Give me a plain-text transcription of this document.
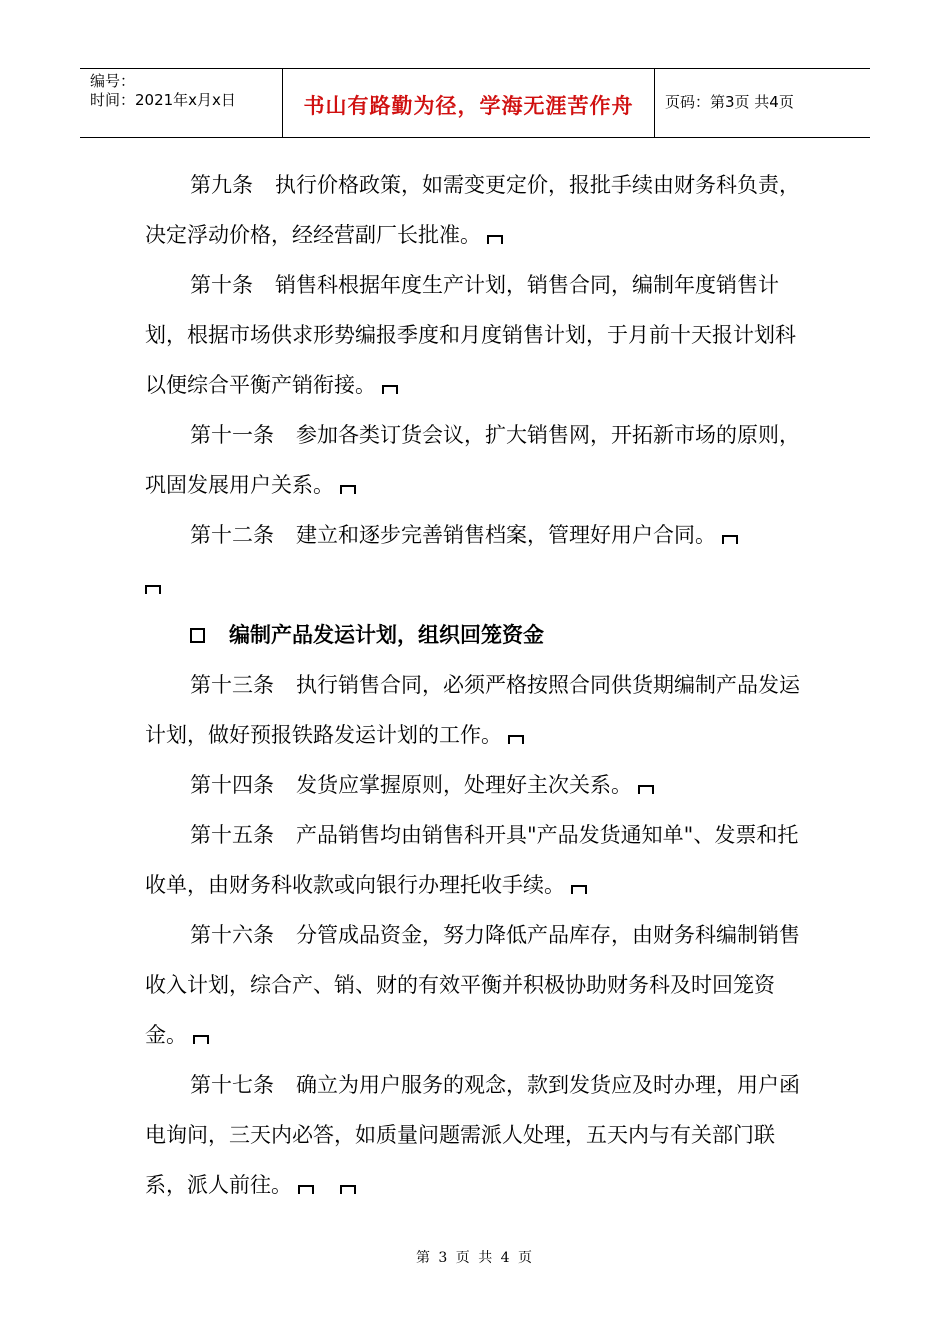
编号：
时间：2021年x月x日	书山有路勤为径，学海无涯苦作舟	页码：第3页 共4页

第九条 执行价格政策，如需变更定价，报批手续由财务科负责，决定浮动价格，经经营副厂长批准。

第十条 销售科根据年度生产计划，销售合同，编制年度销售计划，根据市场供求形势编报季度和月度销售计划，于月前十天报计划科以便综合平衡产销衔接。

第十一条 参加各类订货会议，扩大销售网，开拓新市场的原则，巩固发展用户关系。

第十二条 建立和逐步完善销售档案，管理好用户合同。

编制产品发运计划，组织回笼资金

第十三条 执行销售合同，必须严格按照合同供货期编制产品发运计划，做好预报铁路发运计划的工作。

第十四条 发货应掌握原则，处理好主次关系。

第十五条 产品销售均由销售科开具"产品发货通知单"、发票和托收单，由财务科收款或向银行办理托收手续。

第十六条 分管成品资金，努力降低产品库存，由财务科编制销售收入计划，综合产、销、财的有效平衡并积极协助财务科及时回笼资金。

第十七条 确立为用户服务的观念，款到发货应及时办理，用户函电询问，三天内必答，如质量问题需派人处理，五天内与有关部门联系，派人前往。

第 3 页 共 4 页
